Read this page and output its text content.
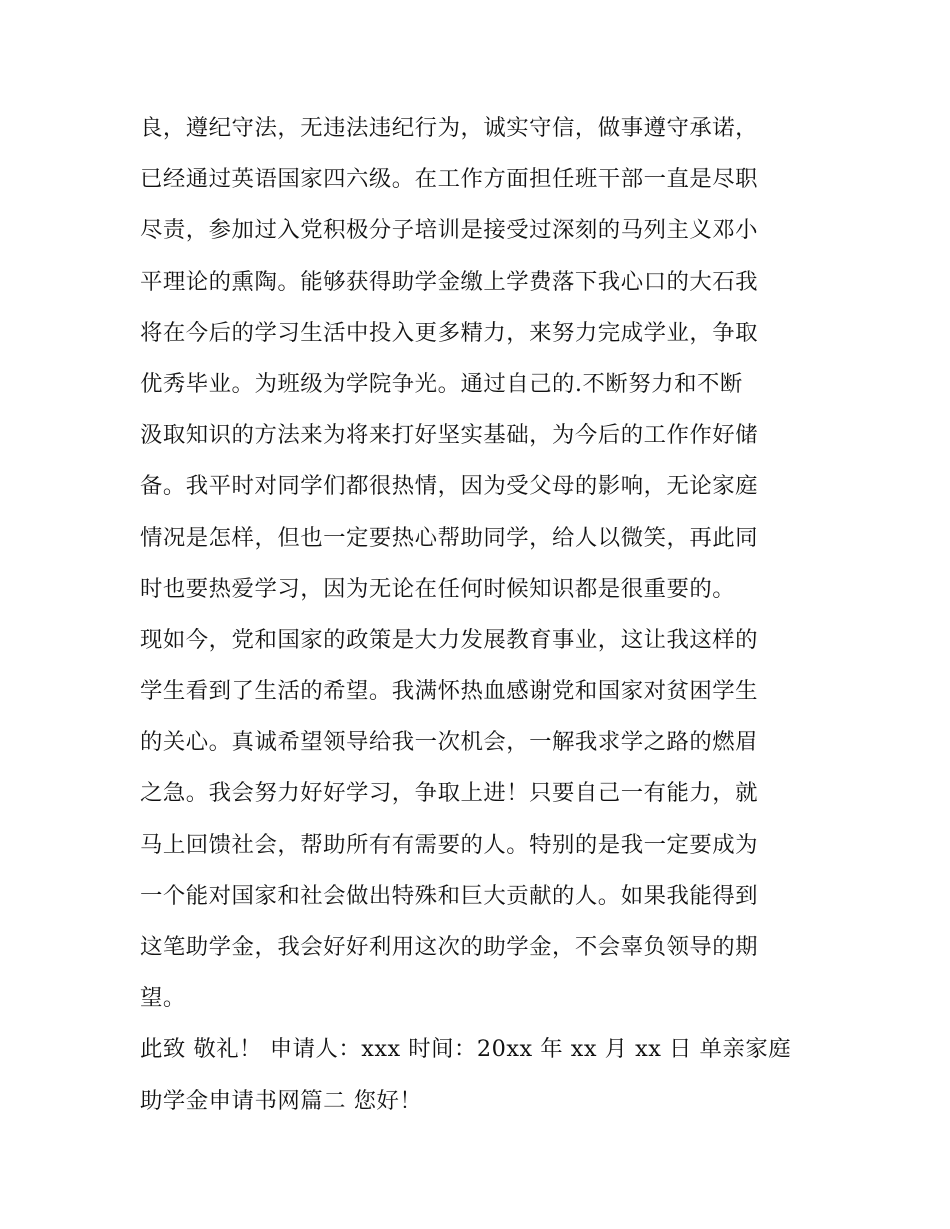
良，遵纪守法，无违法违纪行为，诚实守信，做事遵守承诺，
已经通过英语国家四六级。在工作方面担任班干部一直是尽职
尽责，参加过入党积极分子培训是接受过深刻的马列主义邓小
平理论的熏陶。能够获得助学金缴上学费落下我心口的大石我
将在今后的学习生活中投入更多精力，来努力完成学业，争取
优秀毕业。为班级为学院争光。通过自己的.不断努力和不断
汲取知识的方法来为将来打好坚实基础，为今后的工作作好储
备。我平时对同学们都很热情，因为受父母的影响，无论家庭
情况是怎样，但也一定要热心帮助同学，给人以微笑，再此同
时也要热爱学习，因为无论在任何时候知识都是很重要的。
现如今，党和国家的政策是大力发展教育事业，这让我这样的
学生看到了生活的希望。我满怀热血感谢党和国家对贫困学生
的关心。真诚希望领导给我一次机会，一解我求学之路的燃眉
之急。我会努力好好学习，争取上进！只要自己一有能力，就
马上回馈社会，帮助所有有需要的人。特别的是我一定要成为
一个能对国家和社会做出特殊和巨大贡献的人。如果我能得到
这笔助学金，我会好好利用这次的助学金，不会辜负领导的期
望。
此致 敬礼！ 申请人：xxx 时间：20xx 年 xx 月 xx 日 单亲家庭
助学金申请书网篇二 您好！
